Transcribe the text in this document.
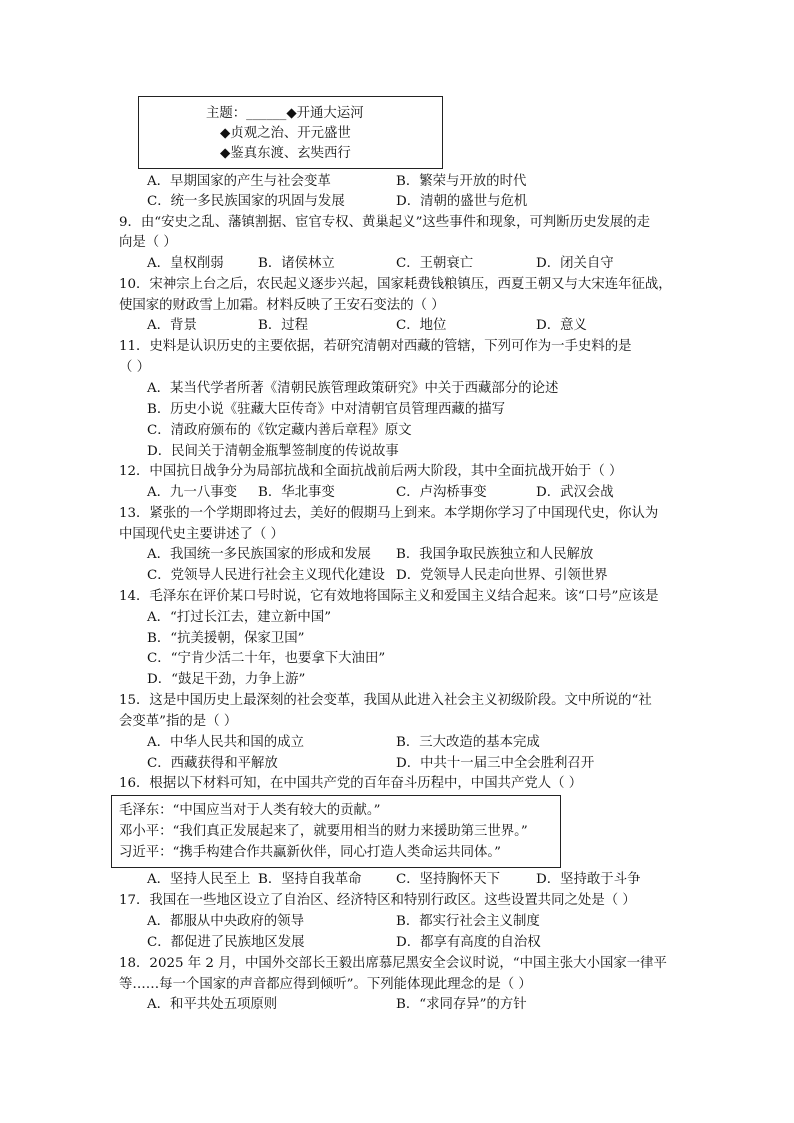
主题：______◆开通大运河
◆贞观之治、开元盛世
◆鉴真东渡、玄奘西行
A．早期国家的产生与社会变革	B．繁荣与开放的时代
C．统一多民族国家的巩固与发展	D．清朝的盛世与危机
9．由“安史之乱、藩镇割据、宦官专权、黄巢起义”这些事件和现象，可判断历史发展的走
向是（ ）
A．皇权削弱	B．诸侯林立	C．王朝衰亡	D．闭关自守
10．宋神宗上台之后，农民起义逐步兴起，国家耗费钱粮镇压，西夏王朝又与大宋连年征战，
使国家的财政雪上加霜。材料反映了王安石变法的（ ）
A．背景	B．过程	C．地位	D．意义
11．史料是认识历史的主要依据，若研究清朝对西藏的管辖，下列可作为一手史料的是
（ ）
A．某当代学者所著《清朝民族管理政策研究》中关于西藏部分的论述
B．历史小说《驻藏大臣传奇》中对清朝官员管理西藏的描写
C．清政府颁布的《钦定藏内善后章程》原文
D．民间关于清朝金瓶掣签制度的传说故事
12．中国抗日战争分为局部抗战和全面抗战前后两大阶段，其中全面抗战开始于（ ）
A．九一八事变 B．华北事变	C．卢沟桥事变	D．武汉会战
13．紧张的一个学期即将过去，美好的假期马上到来。本学期你学习了中国现代史，你认为
中国现代史主要讲述了（ ）
A．我国统一多民族国家的形成和发展 B．我国争取民族独立和人民解放
C．党领导人民进行社会主义现代化建设 D．党领导人民走向世界、引领世界
14．毛泽东在评价某口号时说，它有效地将国际主义和爱国主义结合起来。该“口号”应该是
A．“打过长江去，建立新中国”
B．“抗美援朝，保家卫国”
C．“宁肯少活二十年，也要拿下大油田”
D．“鼓足干劲，力争上游”
15．这是中国历史上最深刻的社会变革，我国从此进入社会主义初级阶段。文中所说的“社
会变革”指的是（ ）
A．中华人民共和国的成立	B．三大改造的基本完成
C．西藏获得和平解放	D．中共十一届三中全会胜利召开
16．根据以下材料可知，在中国共产党的百年奋斗历程中，中国共产党人（ ）
毛泽东：“中国应当对于人类有较大的贡献。”
邓小平：“我们真正发展起来了，就要用相当的财力来援助第三世界。”
习近平：“携手构建合作共赢新伙伴，同心打造人类命运共同体。”
A．坚持人民至上 B．坚持自我革命	C．坚持胸怀天下	D．坚持敢于斗争
17．我国在一些地区设立了自治区、经济特区和特别行政区。这些设置共同之处是（ ）
A．都服从中央政府的领导	B．都实行社会主义制度
C．都促进了民族地区发展	D．都享有高度的自治权
18．2025 年 2 月，中国外交部长王毅出席慕尼黑安全会议时说，“中国主张大小国家一律平
等……每一个国家的声音都应得到倾听”。下列能体现此理念的是（ ）
A．和平共处五项原则	B．“求同存异”的方针
